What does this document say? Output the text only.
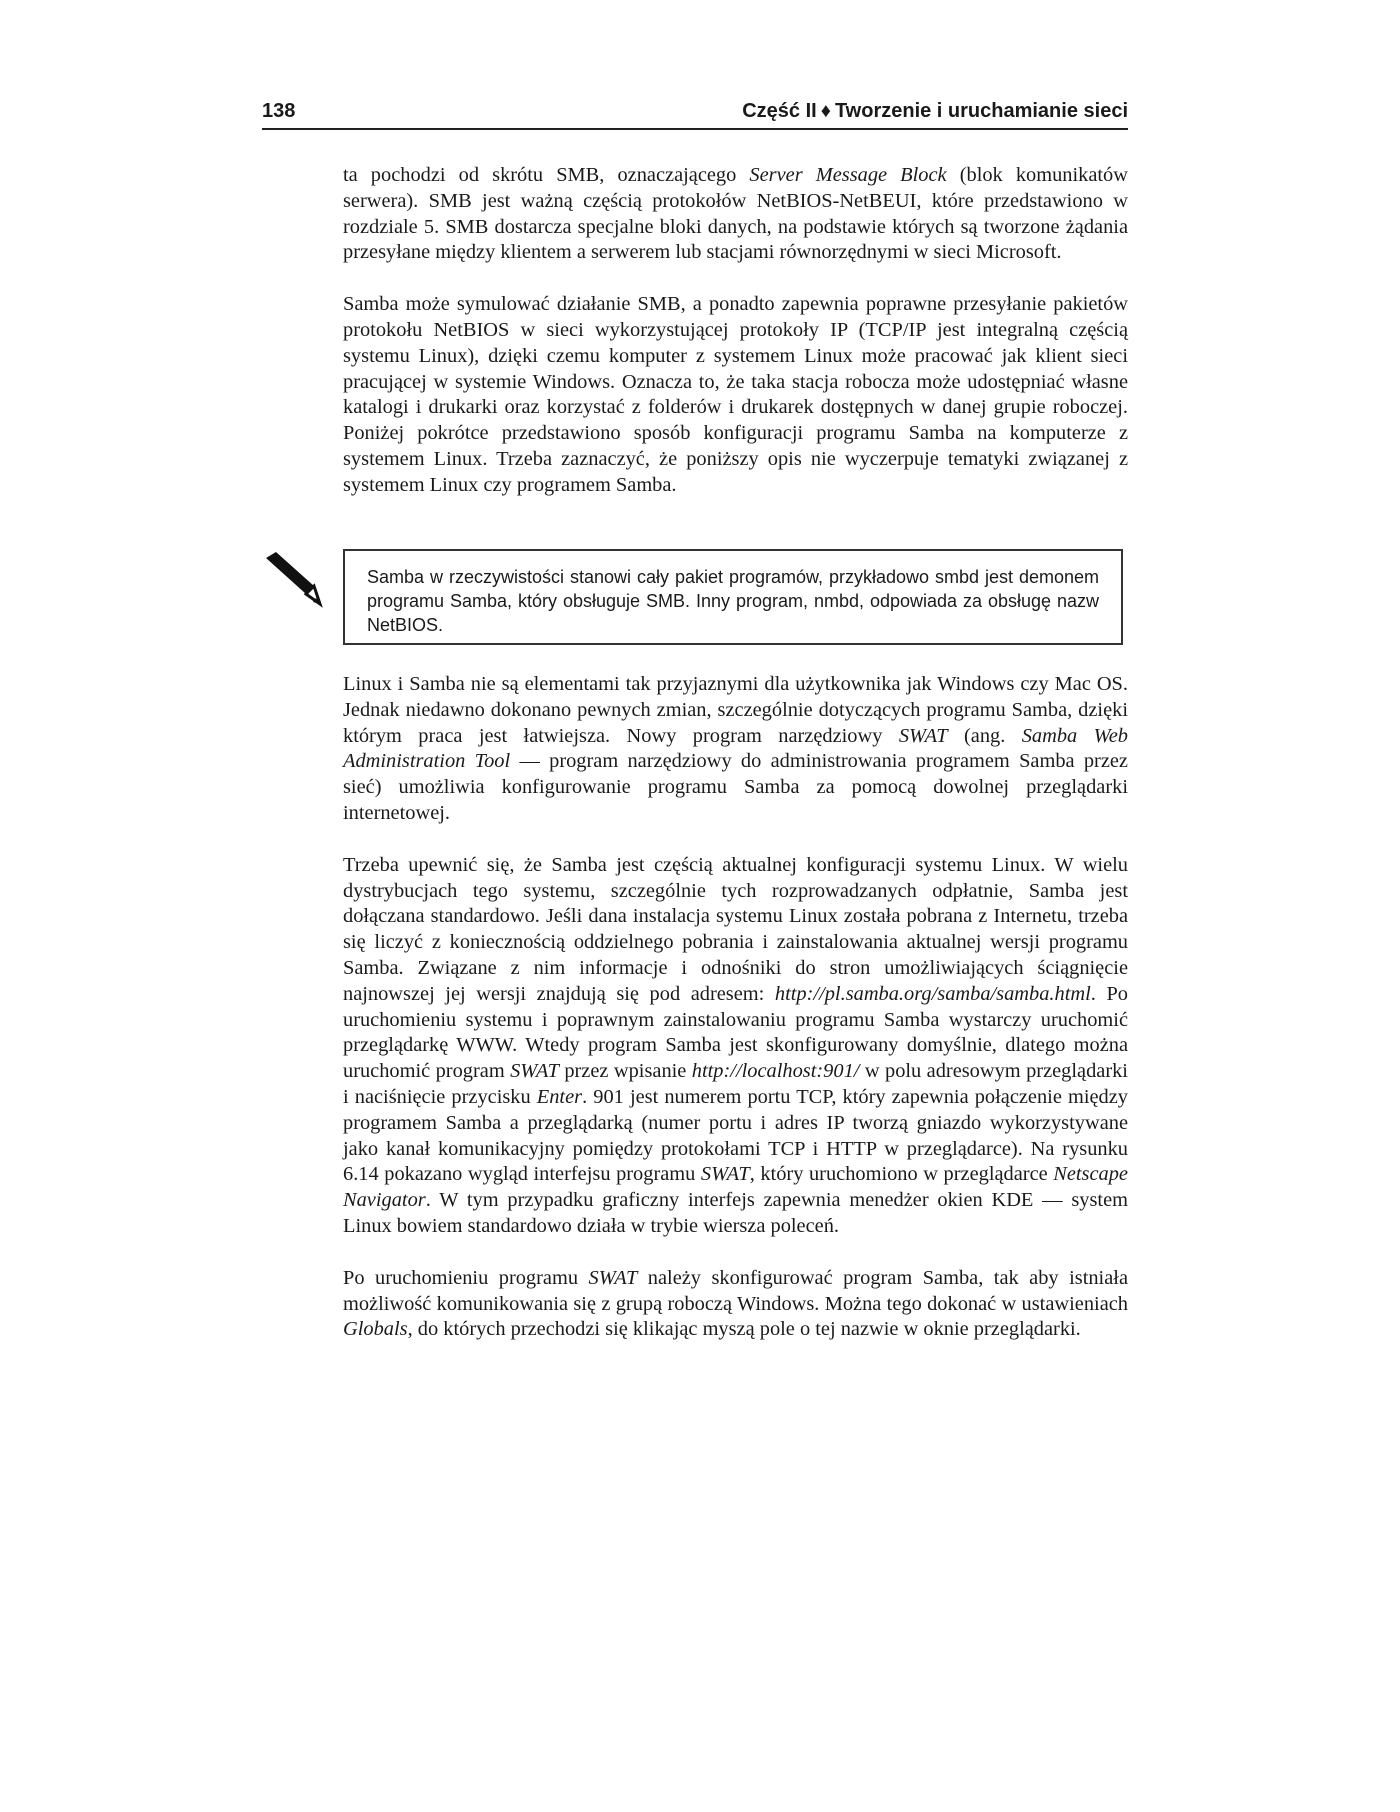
138	Część II ♦ Tworzenie i uruchamianie sieci

ta pochodzi od skrótu SMB, oznaczającego Server Message Block (blok komunikatów serwera). SMB jest ważną częścią protokołów NetBIOS-NetBEUI, które przedstawiono w rozdziale 5. SMB dostarcza specjalne bloki danych, na podstawie których są tworzone żądania przesyłane między klientem a serwerem lub stacjami równorzędnymi w sieci Microsoft.

Samba może symulować działanie SMB, a ponadto zapewnia poprawne przesyłanie pakietów protokołu NetBIOS w sieci wykorzystującej protokoły IP (TCP/IP jest integralną częścią systemu Linux), dzięki czemu komputer z systemem Linux może pracować jak klient sieci pracującej w systemie Windows. Oznacza to, że taka stacja robocza może udostępniać własne katalogi i drukarki oraz korzystać z folderów i drukarek dostępnych w danej grupie roboczej. Poniżej pokrótce przedstawiono sposób konfiguracji programu Samba na komputerze z systemem Linux. Trzeba zaznaczyć, że poniższy opis nie wyczerpuje tematyki związanej z systemem Linux czy programem Samba.

Samba w rzeczywistości stanowi cały pakiet programów, przykładowo smbd jest demonem programu Samba, który obsługuje SMB. Inny program, nmbd, odpowiada za obsługę nazw NetBIOS.

Linux i Samba nie są elementami tak przyjaznymi dla użytkownika jak Windows czy Mac OS. Jednak niedawno dokonano pewnych zmian, szczególnie dotyczących programu Samba, dzięki którym praca jest łatwiejsza. Nowy program narzędziowy SWAT (ang. Samba Web Administration Tool — program narzędziowy do administrowania programem Samba przez sieć) umożliwia konfigurowanie programu Samba za pomocą dowolnej przeglądarki internetowej.

Trzeba upewnić się, że Samba jest częścią aktualnej konfiguracji systemu Linux. W wielu dystrybucjach tego systemu, szczególnie tych rozprowadzanych odpłatnie, Samba jest dołączana standardowo. Jeśli dana instalacja systemu Linux została pobrana z Internetu, trzeba się liczyć z koniecznością oddzielnego pobrania i zainstalowania aktualnej wersji programu Samba. Związane z nim informacje i odnośniki do stron umożliwiających ściągnięcie najnowszej jej wersji znajdują się pod adresem: http://pl.samba.org/samba/samba.html. Po uruchomieniu systemu i poprawnym zainstalowaniu programu Samba wystarczy uruchomić przeglądarkę WWW. Wtedy program Samba jest skonfigurowany domyślnie, dlatego można uruchomić program SWAT przez wpisanie http://localhost:901/ w polu adresowym przeglądarki i naciśnięcie przycisku Enter. 901 jest numerem portu TCP, który zapewnia połączenie między programem Samba a przeglądarką (numer portu i adres IP tworzą gniazdo wykorzystywane jako kanał komunikacyjny pomiędzy protokołami TCP i HTTP w przeglądarce). Na rysunku 6.14 pokazano wygląd interfejsu programu SWAT, który uruchomiono w przeglądarce Netscape Navigator. W tym przypadku graficzny interfejs zapewnia menedżer okien KDE –– system Linux bowiem standardowo działa w trybie wiersza poleceń.

Po uruchomieniu programu SWAT należy skonfigurować program Samba, tak aby istniała możliwość komunikowania się z grupą roboczą Windows. Można tego dokonać w ustawieniach Globals, do których przechodzi się klikając myszą pole o tej nazwie w oknie przeglądarki.
